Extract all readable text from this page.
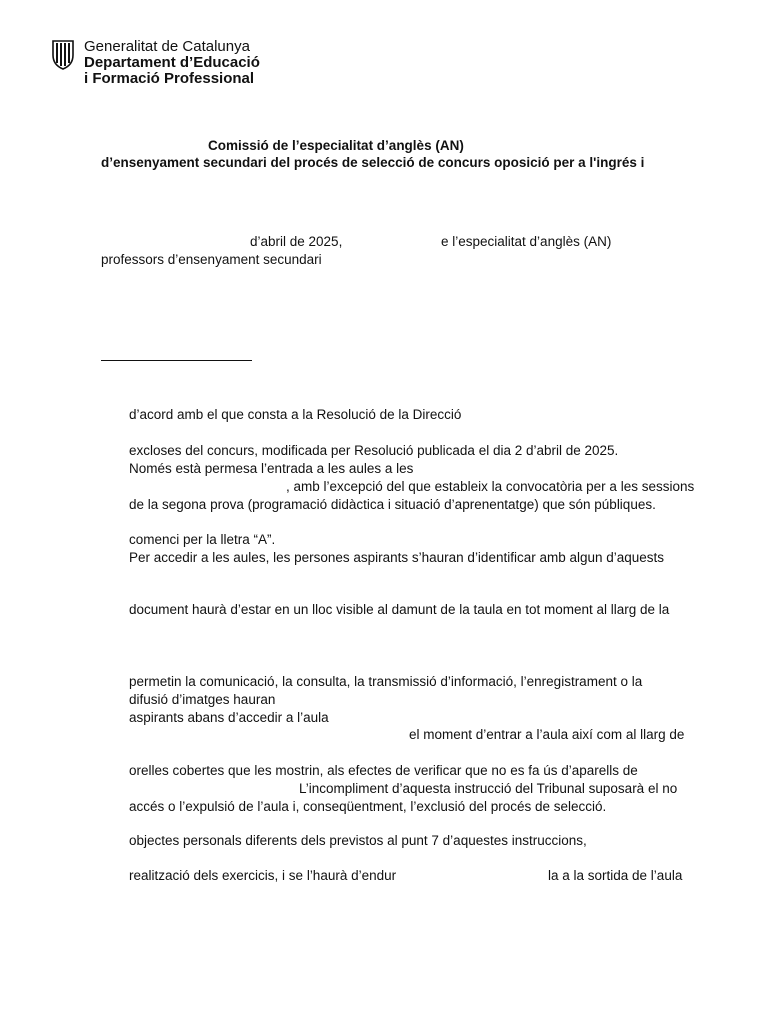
Generalitat de Catalunya
Departament d’Educació
i Formació Professional
Comissió de l’especialitat d’anglès (AN)
d’ensenyament secundari del procés de selecció de concurs oposició per a l'ingrés i
d’abril de 2025,	e l’especialitat d’anglès (AN)
professors d’ensenyament secundari
d’acord amb el que consta a la Resolució de la Direcció
excloses del concurs, modificada per Resolució publicada el dia 2 d’abril de 2025.
Només està permesa l’entrada a les aules a les
, amb l’excepció del que estableix la convocatòria per a les sessions
de la segona prova (programació didàctica i situació d’aprenentatge) que són públiques.
comenci per la lletra “A”.
Per accedir a les aules, les persones aspirants s’hauran d’identificar amb algun d’aquests
document haurà d’estar en un lloc visible al damunt de la taula en tot moment al llarg de la
permetin la comunicació, la consulta, la transmissió d’informació, l’enregistrament o la
difusió d’imatges hauran
aspirants abans d’accedir a l’aula
el moment d’entrar a l’aula així com al llarg de
orelles cobertes que les mostrin, als efectes de verificar que no es fa ús d’aparells de
L’incompliment d’aquesta instrucció del Tribunal suposarà el no
accés o l’expulsió de l’aula i, conseqüentment, l’exclusió del procés de selecció.
objectes personals diferents dels previstos al punt 7 d’aquestes instruccions,
realització dels exercicis, i se l’haurà d’endur	la a la sortida de l’aula
